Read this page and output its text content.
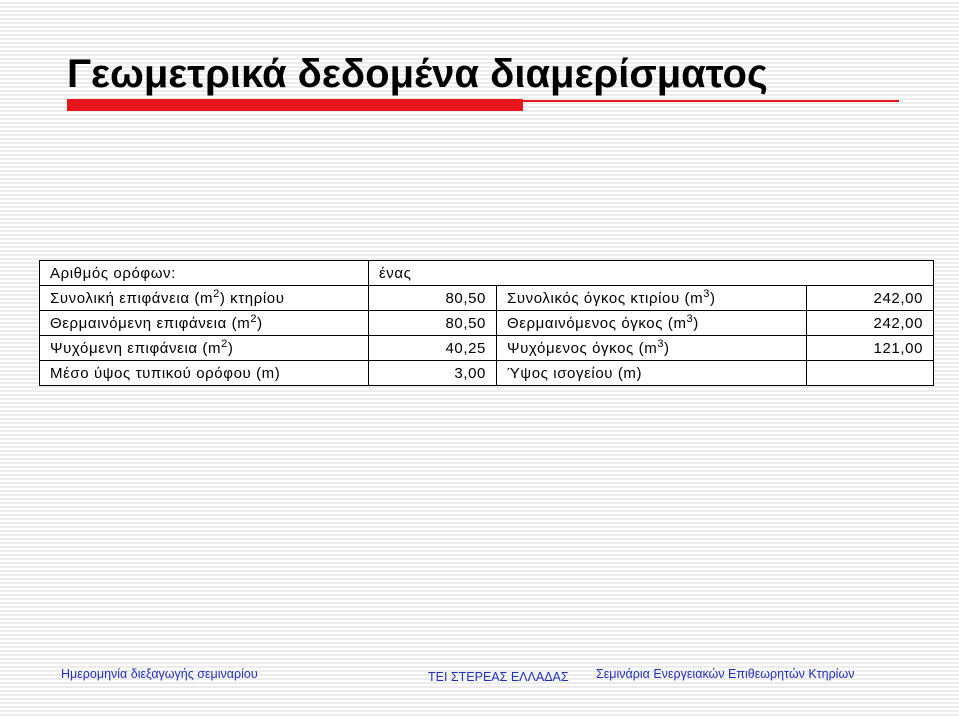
Γεωμετρικά δεδομένα διαμερίσματος
Αριθμός ορόφων:	ένας		
Συνολική επιφάνεια $(m^2)$ κτηρίου	80,50	Συνολικός όγκος κτιρίου $(m^3)$	242,00
Θερμαινόμενη επιφάνεια $(m^2)$	80,50	Θερμαινόμενος όγκος $(m^3)$	242,00
Ψυχόμενη επιφάνεια $(m^2)$	40,25	Ψυχόμενος όγκος $(m^3)$	121,00
Μέσο ύψος τυπικού ορόφου (m)	3,00	Ύψος ισογείου (m)	
Ημερομηνία διεξαγωγής σεμιναρίου	ΤΕΙ ΣΤΕΡΕΑΣ ΕΛΛΑΔΑΣ Σεμινάρια Ενεργειακών Επιθεωρητών Κτηρίων
